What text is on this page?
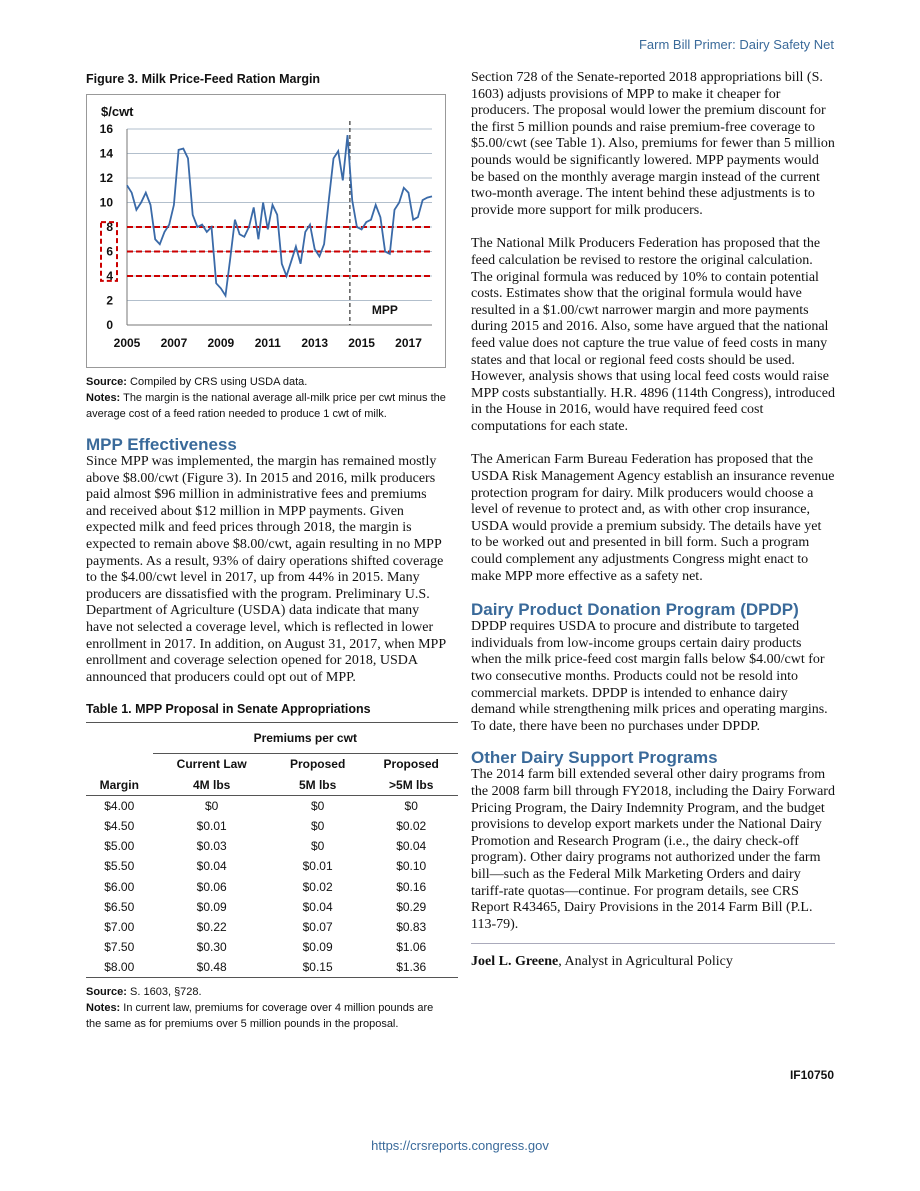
Farm Bill Primer: Dairy Safety Net
Figure 3. Milk Price-Feed Ration Margin
0
2
4
6
8
10
12
14
16
2005 2007 2009 2011 2013 2015 2017
$/cwt
MPP
Source: Compiled by CRS using USDA data.
Notes: The margin is the national average all-milk price per cwt minus the average cost of a feed ration needed to produce 1 cwt of milk.
MPP Effectiveness

Since MPP was implemented, the margin has remained mostly above $8.00/cwt (Figure 3). In 2015 and 2016, milk producers paid almost $96 million in administrative fees and premiums and received about $12 million in MPP payments. Given expected milk and feed prices through 2018, the margin is expected to remain above $8.00/cwt, again resulting in no MPP payments. As a result, 93% of dairy operations shifted coverage to the $4.00/cwt level in 2017, up from 44% in 2015. Many producers are dissatisfied with the program. Preliminary U.S. Department of Agriculture (USDA) data indicate that many have not selected a coverage level, which is reflected in lower enrollment in 2017. In addition, on August 31, 2017, when MPP enrollment and coverage selection opened for 2018, USDA announced that producers could opt out of MPP.

Table 1. MPP Proposal in Senate Appropriations
	Premiums per cwt		
	Current Law	Proposed	Proposed
Margin	4M lbs	5M lbs	>5M lbs
$4.00	$0	$0	$0
$4.50	$0.01	$0	$0.02
$5.00	$0.03	$0	$0.04
$5.50	$0.04	$0.01	$0.10
$6.00	$0.06	$0.02	$0.16
$6.50	$0.09	$0.04	$0.29
$7.00	$0.22	$0.07	$0.83
$7.50	$0.30	$0.09	$1.06
$8.00	$0.48	$0.15	$1.36
Source: S. 1603, §728.
Notes: In current law, premiums for coverage over 4 million pounds are the same as for premiums over 5 million pounds in the proposal.

Section 728 of the Senate-reported 2018 appropriations bill (S. 1603) adjusts provisions of MPP to make it cheaper for producers. The proposal would lower the premium discount for the first 5 million pounds and raise premium-free coverage to $5.00/cwt (see Table 1). Also, premiums for fewer than 5 million pounds would be significantly lowered. MPP payments would be based on the monthly average margin instead of the current two-month average. The intent behind these adjustments is to provide more support for milk producers.

The National Milk Producers Federation has proposed that the feed calculation be revised to restore the original calculation. The original formula was reduced by 10% to contain potential costs. Estimates show that the original formula would have resulted in a $1.00/cwt narrower margin and more payments during 2015 and 2016. Also, some have argued that the national feed value does not capture the true value of feed costs in many states and that local or regional feed costs should be used. However, analysis shows that using local feed costs would raise MPP costs substantially. H.R. 4896 (114th Congress), introduced in the House in 2016, would have required feed cost computations for each state.

The American Farm Bureau Federation has proposed that the USDA Risk Management Agency establish an insurance revenue protection program for dairy. Milk producers would choose a level of revenue to protect and, as with other crop insurance, USDA would provide a premium subsidy. The details have yet to be worked out and presented in bill form. Such a program could complement any adjustments Congress might enact to make MPP more effective as a safety net.

Dairy Product Donation Program (DPDP)

DPDP requires USDA to procure and distribute to targeted individuals from low-income groups certain dairy products when the milk price-feed cost margin falls below $4.00/cwt for two consecutive months. Products could not be resold into commercial markets. DPDP is intended to enhance dairy demand while strengthening milk prices and operating margins. To date, there have been no purchases under DPDP.

Other Dairy Support Programs

The 2014 farm bill extended several other dairy programs from the 2008 farm bill through FY2018, including the Dairy Forward Pricing Program, the Dairy Indemnity Program, and the budget provisions to develop export markets under the National Dairy Promotion and Research Program (i.e., the dairy check-off program). Other dairy programs not authorized under the farm bill—such as the Federal Milk Marketing Orders and dairy tariff-rate quotas—continue. For program details, see CRS Report R43465, Dairy Provisions in the 2014 Farm Bill (P.L. 113-79).

Joel L. Greene, Analyst in Agricultural Policy
IF10750
https://crsreports.congress.gov
